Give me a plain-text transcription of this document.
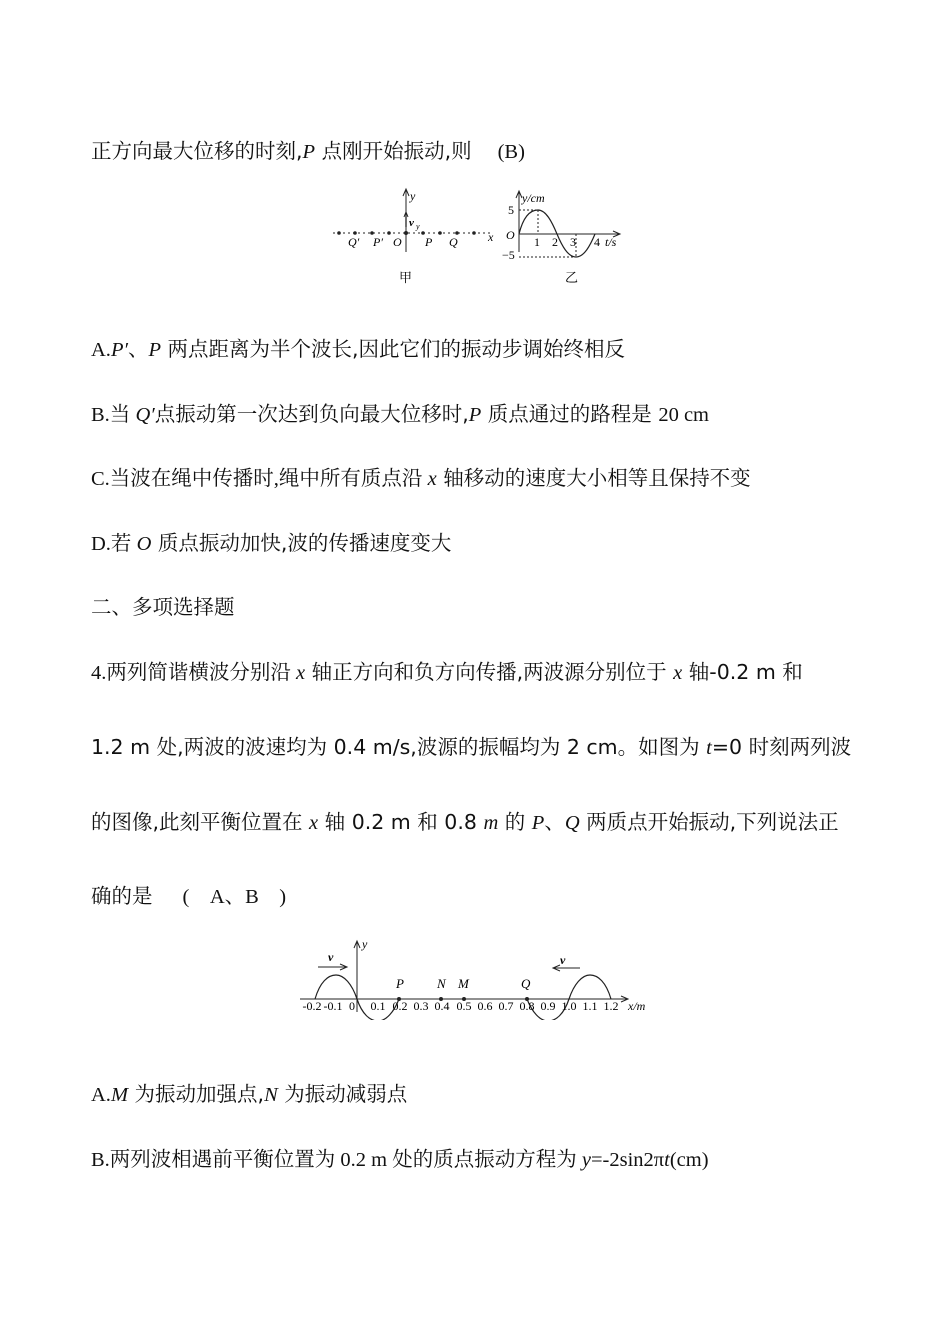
正方向最大位移的时刻,P 点刚开始振动,则 (B)
y
v y
Q′ P′ O P Q	x
甲
y/cm
5
O
−5
1 2 3 4 t/s
乙
A.P′、P 两点距离为半个波长,因此它们的振动步调始终相反
B.当 Q′点振动第一次达到负向最大位移时,P 质点通过的路程是 20 cm
C.当波在绳中传播时,绳中所有质点沿 x 轴移动的速度大小相等且保持不变
D.若 O 质点振动加快,波的传播速度变大
二、多项选择题
4.两列简谐横波分别沿 x 轴正方向和负方向传播,两波源分别位于 x 轴-0.2 m 和
1.2 m 处,两波的波速均为 0.4 m/s,波源的振幅均为 2 cm。如图为 t=0 时刻两列波
的图像,此刻平衡位置在 x 轴 0.2 m 和 0.8 m 的 P、Q 两质点开始振动,下列说法正
确的是 (　A、B　)
y
v	v
P	N M	Q
-0.2 -0.1 0 0.1 0.2 0.3 0.4 0.5 0.6 0.7 0.8 0.9 1.0 1.1 1.2 x/m
A.M 为振动加强点,N 为振动减弱点
B.两列波相遇前平衡位置为 0.2 m 处的质点振动方程为 y=-2sin2πt(cm)
